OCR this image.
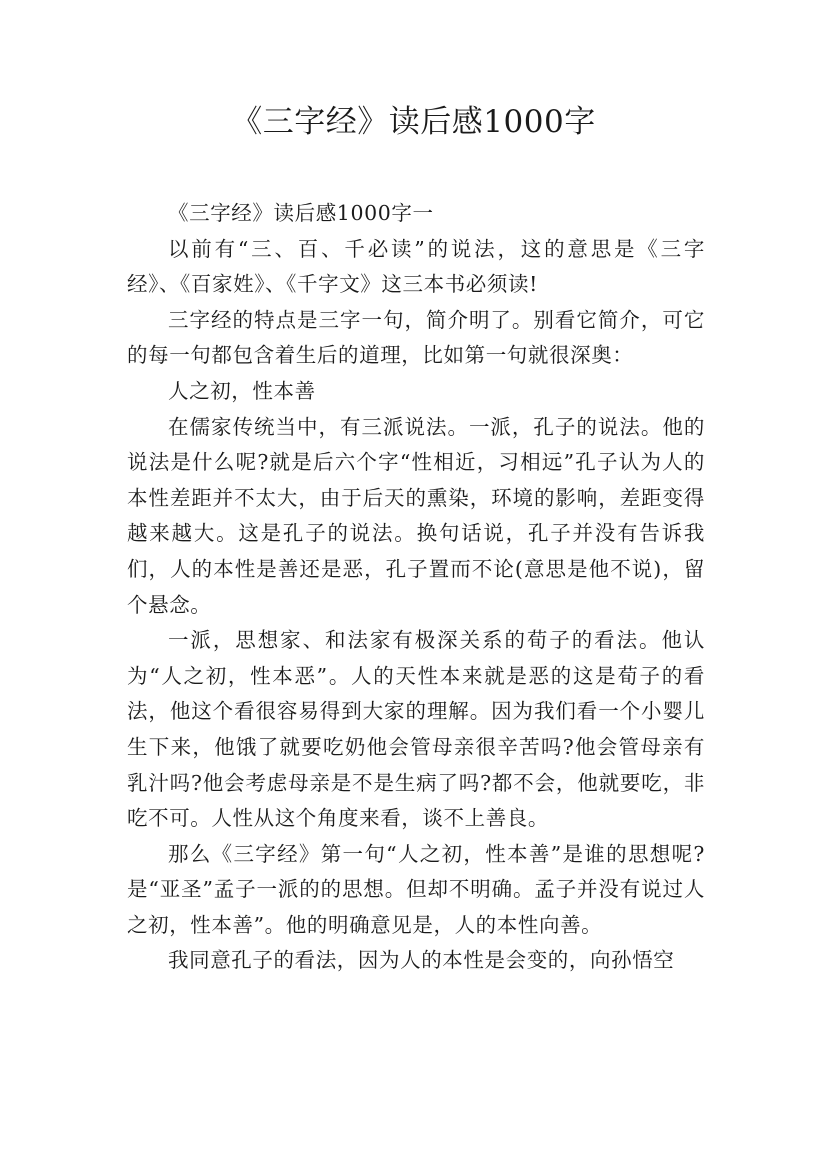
《三字经》读后感1000字

《三字经》读后感1000字一

以前有“三、百、千必读”的说法，这的意思是《三字经》、《百家姓》、《千字文》这三本书必须读!

三字经的特点是三字一句，简介明了。别看它简介，可它的每一句都包含着生后的道理，比如第一句就很深奥：

人之初，性本善

在儒家传统当中，有三派说法。一派，孔子的说法。他的说法是什么呢?就是后六个字“性相近，习相远”孔子认为人的本性差距并不太大，由于后天的熏染，环境的影响，差距变得越来越大。这是孔子的说法。换句话说，孔子并没有告诉我们，人的本性是善还是恶，孔子置而不论(意思是他不说)，留个悬念。

一派，思想家、和法家有极深关系的荀子的看法。他认为“人之初，性本恶”。人的天性本来就是恶的这是荀子的看法，他这个看很容易得到大家的理解。因为我们看一个小婴儿生下来，他饿了就要吃奶他会管母亲很辛苦吗?他会管母亲有乳汁吗?他会考虑母亲是不是生病了吗?都不会，他就要吃，非吃不可。人性从这个角度来看，谈不上善良。

那么《三字经》第一句“人之初，性本善”是谁的思想呢?是“亚圣”孟子一派的的思想。但却不明确。孟子并没有说过人之初，性本善”。他的明确意见是，人的本性向善。

我同意孔子的看法，因为人的本性是会变的，向孙悟空
